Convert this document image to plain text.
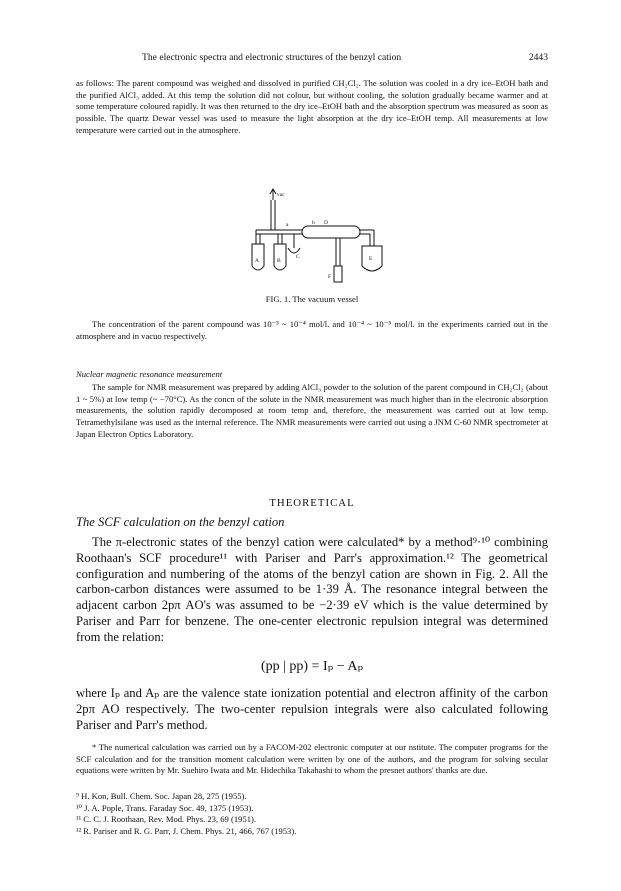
The electronic spectra and electronic structures of the benzyl cation	2443

as follows: The parent compound was weighed and dissolved in purified CH₂Cl₂. The solution was cooled in a dry ice–EtOH bath and the purified AlCl₃ added. At this temp the solution did not colour, but without cooling, the solution gradually became warmer and at some temperature coloured rapidly. It was then returned to the dry ice–EtOH bath and the absorption spectrum was measured as soon as possible. The quartz Dewar vessel was used to measure the light absorption at the dry ice–EtOH temp. All measurements at low temperature were carried out in the atmosphere.

vac
A	B
C
D
E
F
a	b
FIG. 1. The vacuum vessel

The concentration of the parent compound was 10⁻³ ~ 10⁻⁴ mol/l. and 10⁻⁴ ~ 10⁻⁵ mol/l. in the experiments carried out in the atmosphere and in vacuo respectively.

Nuclear magnetic resonance measurement

The sample for NMR measurement was prepared by adding AlCl₃ powder to the solution of the parent compound in CH₂Cl₂ (about 1 ~ 5%) at low temp (~ −70°C). As the concn of the solute in the NMR measurement was much higher than in the electronic absorption measurements, the solution rapidly decomposed at room temp and, therefore, the measurement was carried out at low temp. Tetramethylsilane was used as the internal reference. The NMR measurements were carried out using a JNM C-60 NMR spectrometer at Japan Electron Optics Laboratory.

THEORETICAL
The SCF calculation on the benzyl cation

The π-electronic states of the benzyl cation were calculated* by a method⁹·¹⁰ combining Roothaan's SCF procedure¹¹ with Pariser and Parr's approximation.¹² The geometrical configuration and numbering of the atoms of the benzyl cation are shown in Fig. 2. All the carbon-carbon distances were assumed to be 1·39 Å. The resonance integral between the adjacent carbon 2pπ AO's was assumed to be −2·39 eV which is the value determined by Pariser and Parr for benzene. The one-center electronic repulsion integral was determined from the relation:

(pp | pp) = Iₚ − Aₚ

where Iₚ and Aₚ are the valence state ionization potential and electron affinity of the carbon 2pπ AO respectively. The two-center repulsion integrals were also calculated following Pariser and Parr's method.

* The numerical calculation was carried out by a FACOM-202 electronic computer at our nstitute. The computer programs for the SCF calculation and for the transition moment calculation were written by one of the authors, and the program for solving secular equations were written by Mr. Suehiro Iwata and Mr. Hidechika Takahashi to whom the presnet authors' thanks are due.

⁹ H. Kon, Bull. Chem. Soc. Japan 28, 275 (1955).
¹⁰ J. A. Pople, Trans. Faraday Soc. 49, 1375 (1953).
¹¹ C. C. J. Roothaan, Rev. Mod. Phys. 23, 69 (1951).
¹² R. Pariser and R. G. Parr, J. Chem. Phys. 21, 466, 767 (1953).
